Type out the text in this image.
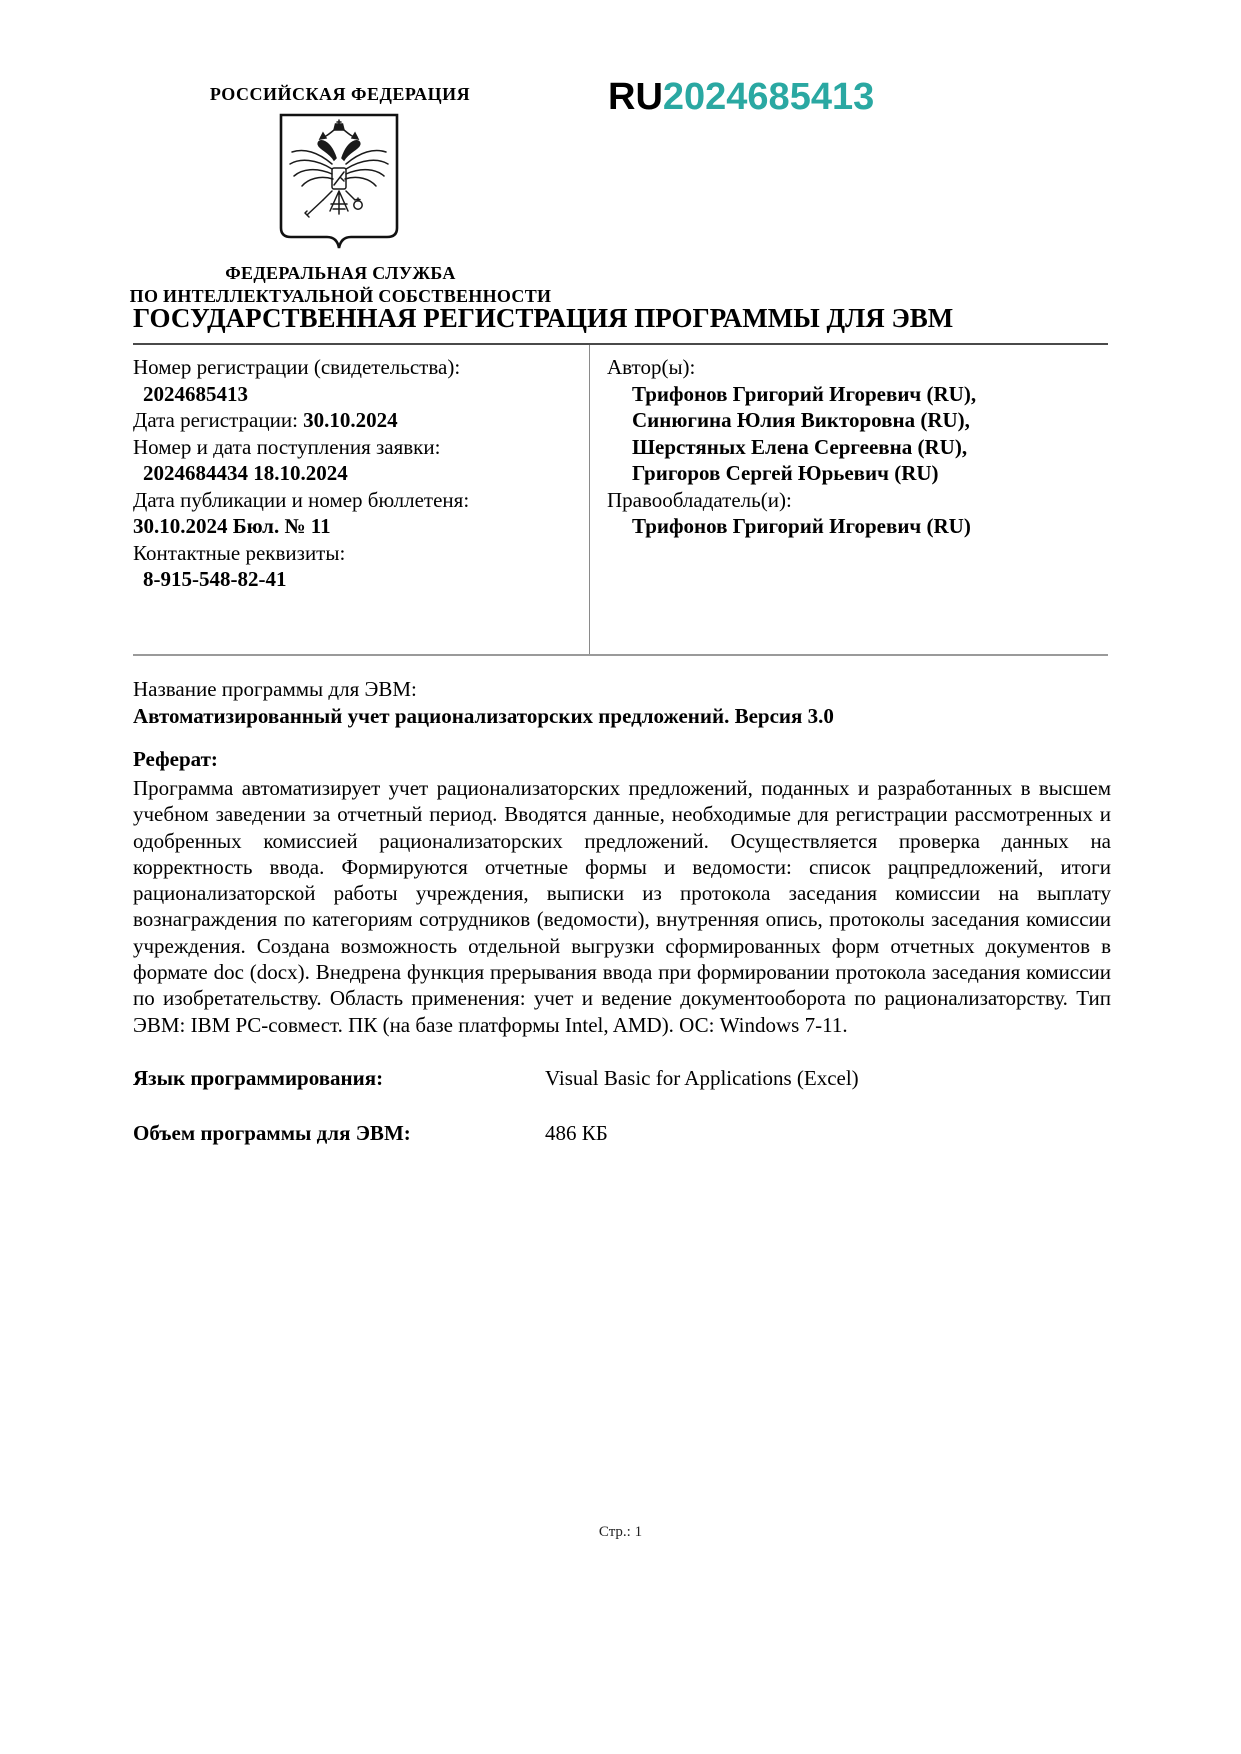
РОССИЙСКАЯ ФЕДЕРАЦИЯ
ФЕДЕРАЛЬНАЯ СЛУЖБА
ПО ИНТЕЛЛЕКТУАЛЬНОЙ СОБСТВЕННОСТИ
RU2024685413
ГОСУДАРСТВЕННАЯ РЕГИСТРАЦИЯ ПРОГРАММЫ ДЛЯ ЭВМ
Номер регистрации (свидетельства):
2024685413
Дата регистрации: 30.10.2024
Номер и дата поступления заявки:
2024684434 18.10.2024
Дата публикации и номер бюллетеня:
30.10.2024 Бюл. № 11
Контактные реквизиты:
8-915-548-82-41
Автор(ы):
Трифонов Григорий Игоревич (RU),
Синюгина Юлия Викторовна (RU),
Шерстяных Елена Сергеевна (RU),
Григоров Сергей Юрьевич (RU)
Правообладатель(и):
Трифонов Григорий Игоревич (RU)
Название программы для ЭВМ:
Автоматизированный учет рационализаторских предложений. Версия 3.0
Реферат:
Программа автоматизирует учет рационализаторских предложений, поданных и разработанных в высшем учебном заведении за отчетный период. Вводятся данные, необходимые для регистрации рассмотренных и одобренных комиссией рационализаторских предложений. Осуществляется проверка данных на корректность ввода. Формируются отчетные формы и ведомости: список рацпредложений, итоги рационализаторской работы учреждения, выписки из протокола заседания комиссии на выплату вознаграждения по категориям сотрудников (ведомости), внутренняя опись, протоколы заседания комиссии учреждения. Создана возможность отдельной выгрузки сформированных форм отчетных документов в формате doc (docx). Внедрена функция прерывания ввода при формировании протокола заседания комиссии по изобретательству. Область применения: учет и ведение документооборота по рационализаторству. Тип ЭВМ: IBM PC-совмест. ПК (на базе платформы Intel, AMD). ОС: Windows 7-11.
Язык программирования:	Visual Basic for Applications (Excel)
Объем программы для ЭВМ:	486 КБ
Стр.: 1
